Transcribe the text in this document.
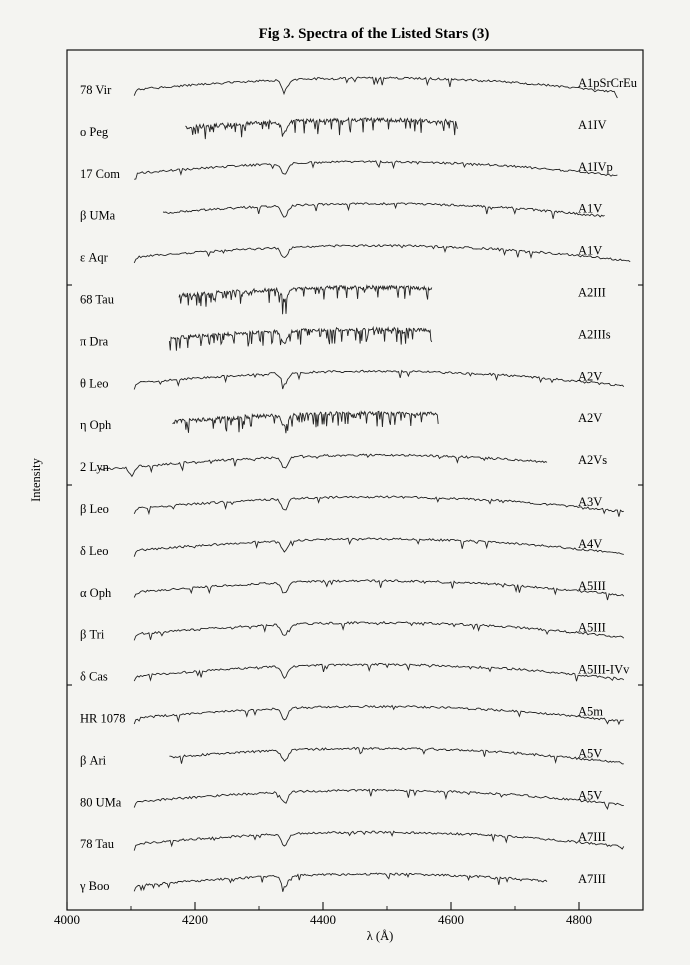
Fig 3. Spectra of the Listed Stars (3)
4000	4200	4400	4600	4800
78 Vir	A1pSrCrEu
o Peg	A1IV
17 Com	A1IVp
β UMa	A1V
ε Aqr	A1V
68 Tau	A2III
π Dra	A2IIIs
θ Leo	A2V
η Oph	A2V
2 Lyn	A2Vs
β Leo	A3V
δ Leo	A4V
α Oph	A5III
β Tri	A5III
δ Cas	A5III-IVv
HR 1078	A5m
β Ari	A5V
80 UMa	A5V
78 Tau	A7III
γ Boo	A7III
λ (Å)
Intensity
